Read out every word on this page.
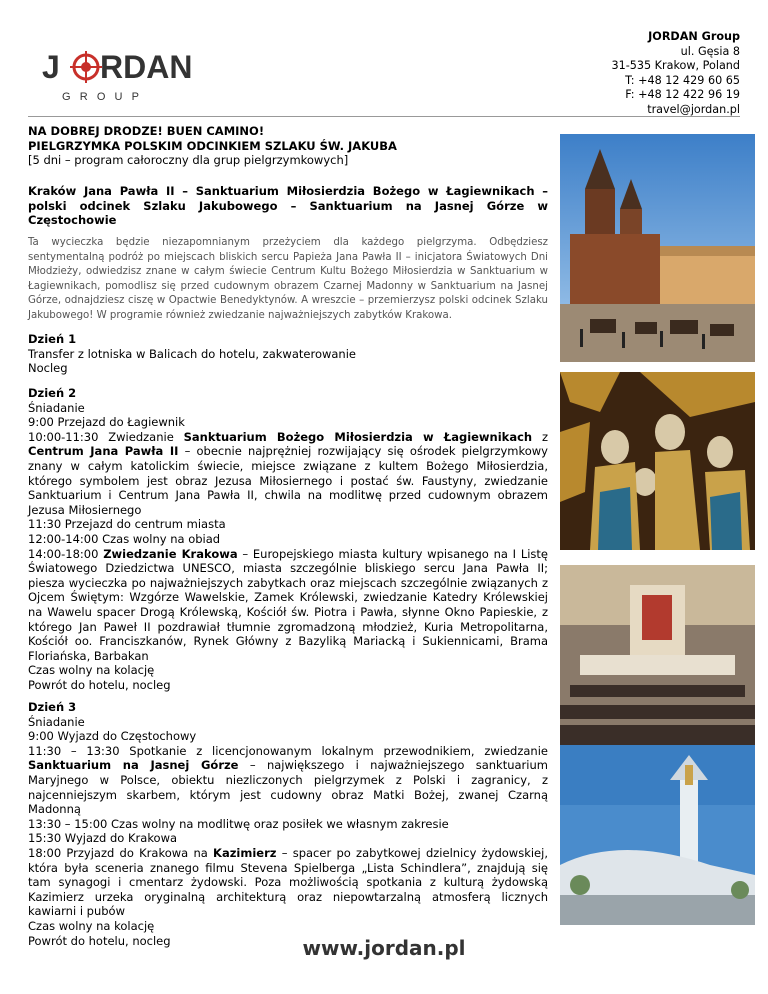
J RDAN
G   R   O   U   P
JORDAN Group
ul. Gęsia 8
31-535 Krakow, Poland
T: +48 12 429 60 65
F: +48 12 422 96 19
travel@jordan.pl
NA DOBREJ DRODZE! BUEN CAMINO!
PIELGRZYMKA POLSKIM ODCINKIEM SZLAKU ŚW. JAKUBA
[5 dni – program całoroczny dla grup pielgrzymkowych]
Kraków Jana Pawła II – Sanktuarium Miłosierdzia Bożego w Łagiewnikach – polski odcinek Szlaku Jakubowego – Sanktuarium na Jasnej Górze w Częstochowie
Ta wycieczka będzie niezapomnianym przeżyciem dla każdego pielgrzyma. Odbędziesz sentymentalną podróż po miejscach bliskich sercu Papieża Jana Pawła II – inicjatora Światowych Dni Młodzieży, odwiedzisz znane w całym świecie Centrum Kultu Bożego Miłosierdzia w Sanktuarium w Łagiewnikach, pomodlisz się przed cudownym obrazem Czarnej Madonny w Sanktuarium na Jasnej Górze, odnajdziesz ciszę w Opactwie Benedyktynów. A wreszcie – przemierzysz polski odcinek Szlaku Jakubowego! W programie również zwiedzanie najważniejszych zabytków Krakowa.
Dzień 1
Transfer z lotniska w Balicach do hotelu, zakwaterowanie
Nocleg
Dzień 2
Śniadanie
9:00 Przejazd do Łagiewnik
10:00-11:30 Zwiedzanie Sanktuarium Bożego Miłosierdzia w Łagiewnikach z Centrum Jana Pawła II – obecnie najprężniej rozwijający się ośrodek pielgrzymkowy znany w całym katolickim świecie, miejsce związane z kultem Bożego Miłosierdzia, którego symbolem jest obraz Jezusa Miłosiernego i postać św. Faustyny, zwiedzanie Sanktuarium i Centrum Jana Pawła II, chwila na modlitwę przed cudownym obrazem Jezusa Miłosiernego
11:30 Przejazd do centrum miasta
12:00-14:00 Czas wolny na obiad
14:00-18:00 Zwiedzanie Krakowa – Europejskiego miasta kultury wpisanego na I Listę Światowego Dziedzictwa UNESCO, miasta szczególnie bliskiego sercu Jana Pawła II; piesza wycieczka po najważniejszych zabytkach oraz miejscach szczególnie związanych z Ojcem Świętym: Wzgórze Wawelskie, Zamek Królewski, zwiedzanie Katedry Królewskiej na Wawelu spacer Drogą Królewską, Kościół św. Piotra i Pawła, słynne Okno Papieskie, z którego Jan Paweł II pozdrawiał tłumnie zgromadzoną młodzież, Kuria Metropolitarna, Kościół oo. Franciszkanów, Rynek Główny z Bazyliką Mariacką i Sukiennicami, Brama Floriańska, Barbakan
Czas wolny na kolację
Powrót do hotelu, nocleg
Dzień 3
Śniadanie
9:00 Wyjazd do Częstochowy
11:30 – 13:30 Spotkanie z licencjonowanym lokalnym przewodnikiem, zwiedzanie Sanktuarium na Jasnej Górze – największego i najważniejszego sanktuarium Maryjnego w Polsce, obiektu niezliczonych pielgrzymek z Polski i zagranicy, z najcenniejszym skarbem, którym jest cudowny obraz Matki Bożej, zwanej Czarną Madonną
13:30 – 15:00 Czas wolny na modlitwę oraz posiłek we własnym zakresie
15:30 Wyjazd do Krakowa
18:00 Przyjazd do Krakowa na Kazimierz – spacer po zabytkowej dzielnicy żydowskiej, która była sceneria znanego filmu Stevena Spielberga „Lista Schindlera”, znajdują się tam synagogi i cmentarz żydowski. Poza możliwością spotkania z kulturą żydowską Kazimierz urzeka oryginalną architekturą oraz niepowtarzalną atmosferą licznych kawiarni i pubów
Czas wolny na kolację
Powrót do hotelu, nocleg	www.jordan.pl
